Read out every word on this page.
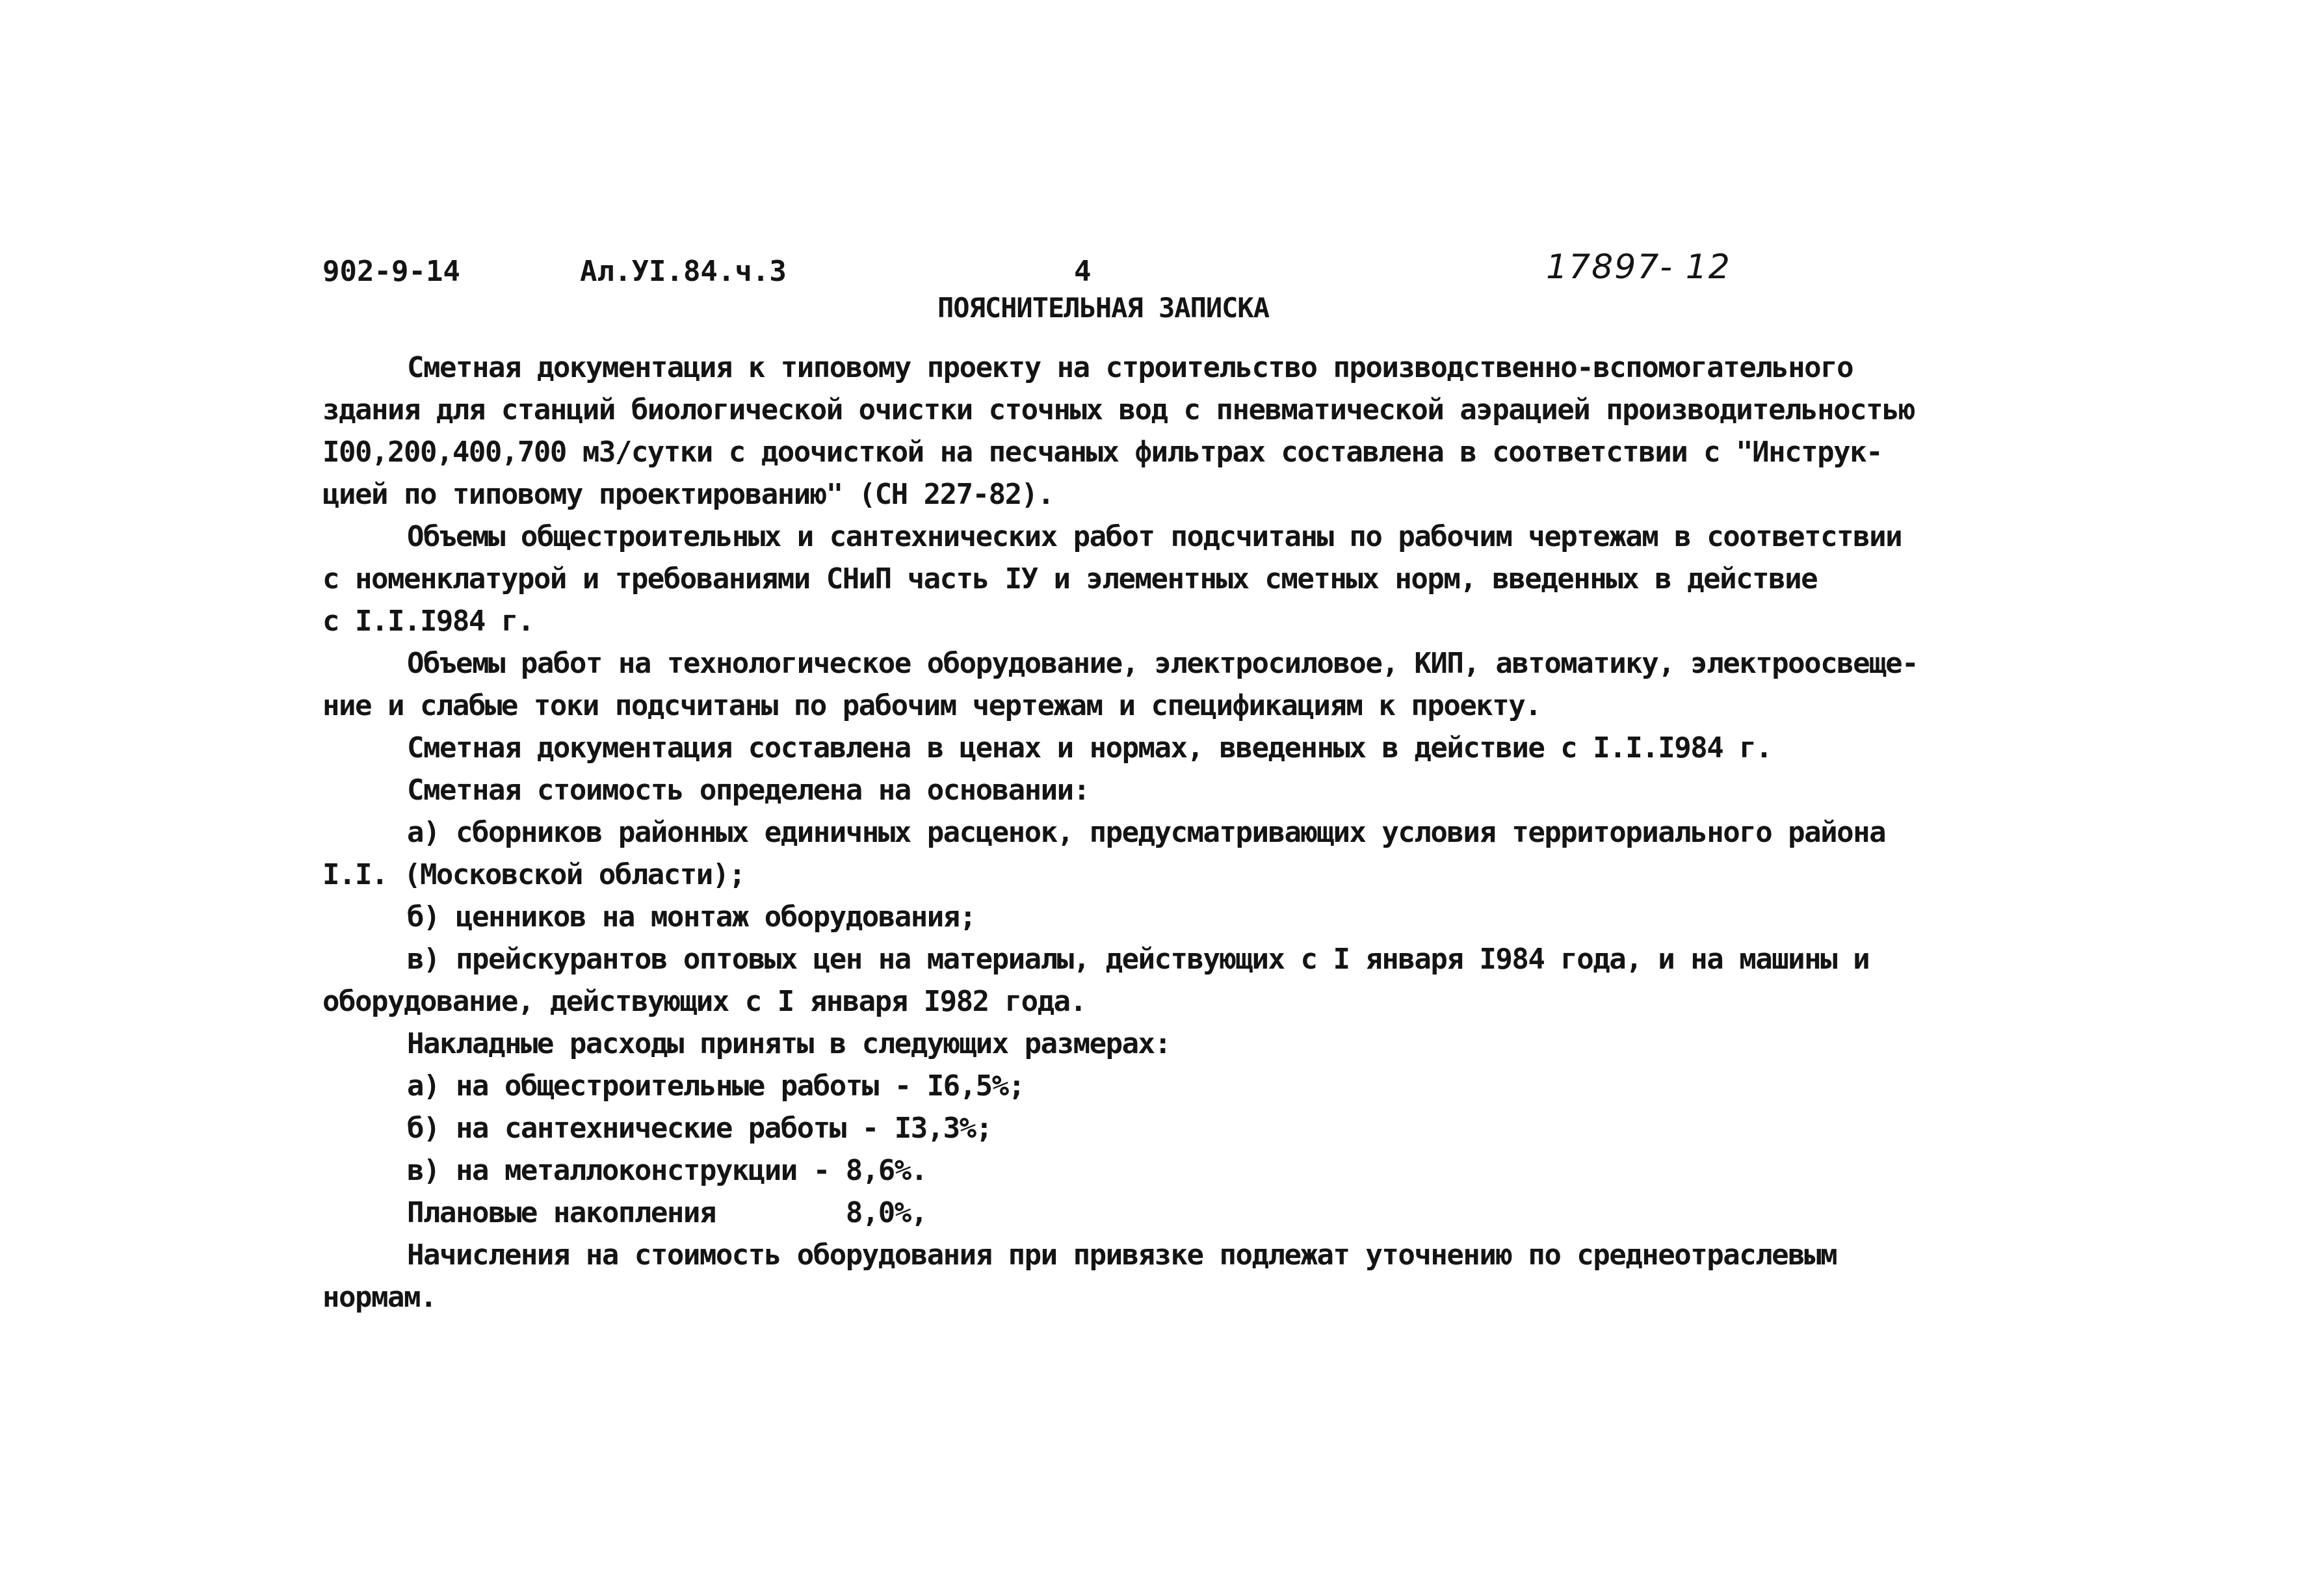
902-9-14	Ал.УI.84.ч.3	4	17897- 12
ПОЯСНИТЕЛЬНАЯ ЗАПИСКА
Сметная документация к типовому проекту на строительство производственно-вспомогательного
здания для станций биологической очистки сточных вод с пневматической аэрацией производительностью
I00,200,400,700 м3/сутки с доочисткой на песчаных фильтрах составлена в соответствии с "Инструк-
цией по типовому проектированию" (СН 227-82).
Объемы общестроительных и сантехнических работ подсчитаны по рабочим чертежам в соответствии
с номенклатурой и требованиями СНиП часть IУ и элементных сметных норм, введенных в действие
с I.I.I984 г.
Объемы работ на технологическое оборудование, электросиловое, КИП, автоматику, электроосвеще-
ние и слабые токи подсчитаны по рабочим чертежам и спецификациям к проекту.
Сметная документация составлена в ценах и нормах, введенных в действие с I.I.I984 г.
Сметная стоимость определена на основании:
а) сборников районных единичных расценок, предусматривающих условия территориального района
I.I. (Московской области);
б) ценников на монтаж оборудования;
в) прейскурантов оптовых цен на материалы, действующих с I января I984 года, и на машины и
оборудование, действующих с I января I982 года.
Накладные расходы приняты в следующих размерах:
а) на общестроительные работы - I6,5%;
б) на сантехнические работы - I3,3%;
в) на металлоконструкции - 8,6%.
Плановые накопления	8,0%,
Начисления на стоимость оборудования при привязке подлежат уточнению по среднеотраслевым
нормам.
